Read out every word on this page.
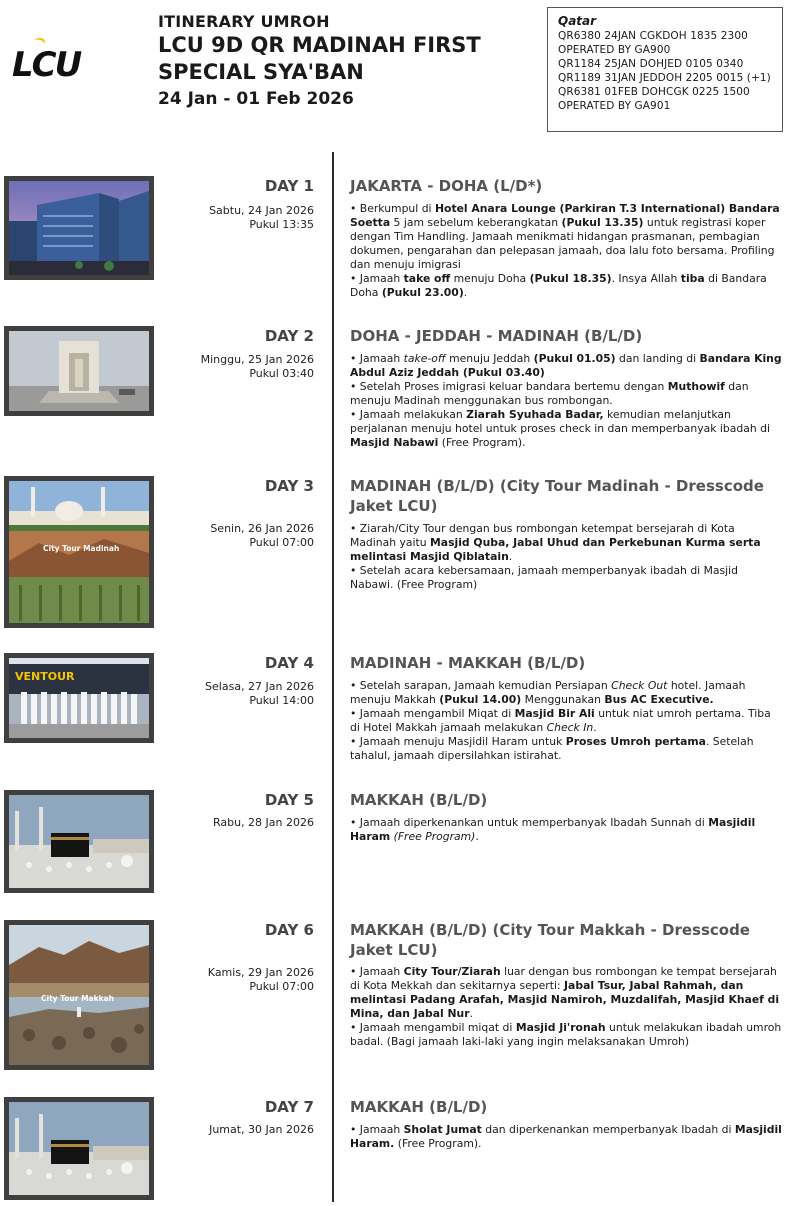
LCU
ITINERARY UMROH
LCU 9D QR MADINAH FIRST
SPECIAL SYA'BAN
24 Jan - 01 Feb 2026
Qatar
QR6380 24JAN CGKDOH 1835 2300
OPERATED BY GA900
QR1184 25JAN DOHJED 0105 0340
QR1189 31JAN JEDDOH 2205 0015 (+1)
QR6381 01FEB DOHCGK 0225 1500
OPERATED BY GA901
DAY 1
Sabtu, 24 Jan 2026
Pukul 13:35
JAKARTA - DOHA (L/D*)

• Berkumpul di Hotel Anara Lounge (Parkiran T.3 International) Bandara Soetta 5 jam sebelum keberangkatan (Pukul 13.35) untuk registrasi koper dengan Tim Handling. Jamaah menikmati hidangan prasmanan, pembagian dokumen, pengarahan dan pelepasan jamaah, doa lalu foto bersama. Profiling dan menuju imigrasi

• Jamaah take off menuju Doha (Pukul 18.35). Insya Allah tiba di Bandara Doha (Pukul 23.00).

DAY 2
Minggu, 25 Jan 2026
Pukul 03:40
DOHA - JEDDAH - MADINAH (B/L/D)

• Jamaah take-off menuju Jeddah (Pukul 01.05) dan landing di Bandara King Abdul Aziz Jeddah (Pukul 03.40)

• Setelah Proses imigrasi keluar bandara bertemu dengan Muthowif dan menuju Madinah menggunakan bus rombongan.

• Jamaah melakukan Ziarah Syuhada Badar, kemudian melanjutkan perjalanan menuju hotel untuk proses check in dan memperbanyak ibadah di Masjid Nabawi (Free Program).

City Tour Madinah
DAY 3
Senin, 26 Jan 2026
Pukul 07:00
MADINAH (B/L/D) (City Tour Madinah - Dresscode Jaket LCU)

• Ziarah/City Tour dengan bus rombongan ketempat bersejarah di Kota Madinah yaitu Masjid Quba, Jabal Uhud dan Perkebunan Kurma serta melintasi Masjid Qiblatain.

• Setelah acara kebersamaan, jamaah memperbanyak ibadah di Masjid Nabawi. (Free Program)

VENTOUR
DAY 4
Selasa, 27 Jan 2026
Pukul 14:00
MADINAH - MAKKAH (B/L/D)

• Setelah sarapan, Jamaah kemudian Persiapan Check Out hotel. Jamaah menuju Makkah (Pukul 14.00) Menggunakan Bus AC Executive.

• Jamaah mengambil Miqat di Masjid Bir Ali untuk niat umroh pertama. Tiba di Hotel Makkah jamaah melakukan Check In.

• Jamaah menuju Masjidil Haram untuk Proses Umroh pertama. Setelah tahalul, jamaah dipersilahkan istirahat.

DAY 5
Rabu, 28 Jan 2026
MAKKAH (B/L/D)

• Jamaah diperkenankan untuk memperbanyak Ibadah Sunnah di Masjidil Haram (Free Program).

City Tour Makkah
DAY 6
Kamis, 29 Jan 2026
Pukul 07:00
MAKKAH (B/L/D) (City Tour Makkah - Dresscode Jaket LCU)

• Jamaah City Tour/Ziarah luar dengan bus rombongan ke tempat bersejarah di Kota Mekkah dan sekitarnya seperti: Jabal Tsur, Jabal Rahmah, dan melintasi Padang Arafah, Masjid Namiroh, Muzdalifah, Masjid Khaef di Mina, dan Jabal Nur.

• Jamaah mengambil miqat di Masjid Ji'ronah untuk melakukan ibadah umroh badal. (Bagi jamaah laki-laki yang ingin melaksanakan Umroh)

DAY 7
Jumat, 30 Jan 2026
MAKKAH (B/L/D)

• Jamaah Sholat Jumat dan diperkenankan memperbanyak Ibadah di Masjidil Haram. (Free Program).
